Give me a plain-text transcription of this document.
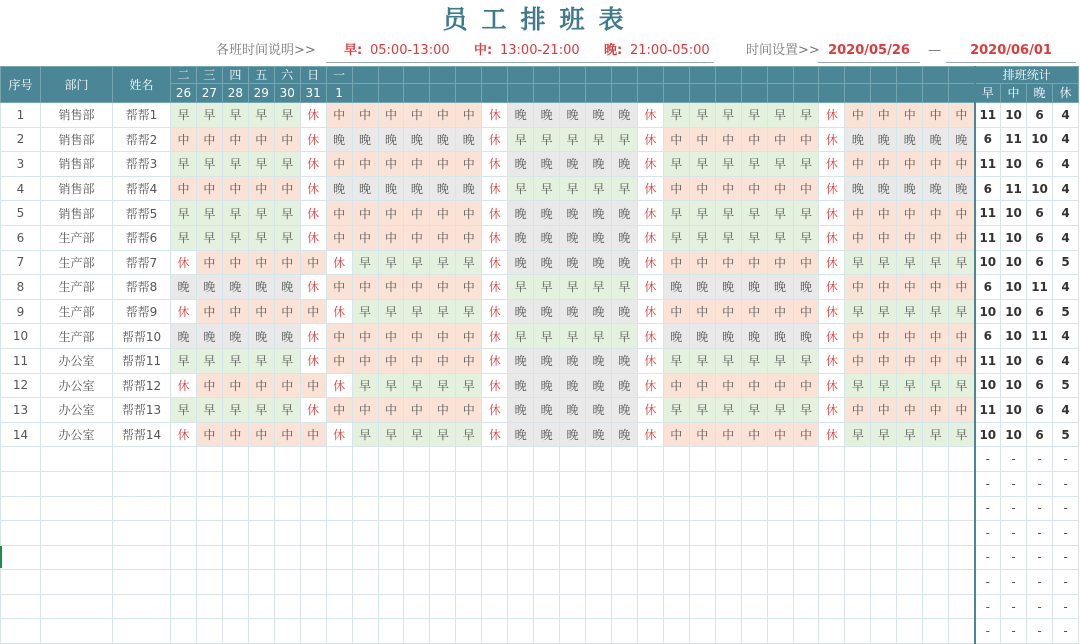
员工排班表
各班时间说明>> 早: 05:00-13:00 中: 13:00-21:00 晚: 21:00-05:00	时间设置>> 2020/05/26	—	2020/06/01
序号	部门	姓名	二	三	四	五	六	日	一																									排班统计			
			26	27	28	29	30	31	1																									早	中	晚	休
1	销售部	帮帮1	早	早	早	早	早	休	中	中	中	中	中	中	休	晚	晚	晚	晚	晚	休	早	早	早	早	早	早	休	中	中	中	中	中	11	10	6	4
2	销售部	帮帮2	中	中	中	中	中	休	晚	晚	晚	晚	晚	晚	休	早	早	早	早	早	休	中	中	中	中	中	中	休	晚	晚	晚	晚	晚	6	11	10	4
3	销售部	帮帮3	早	早	早	早	早	休	中	中	中	中	中	中	休	晚	晚	晚	晚	晚	休	早	早	早	早	早	早	休	中	中	中	中	中	11	10	6	4
4	销售部	帮帮4	中	中	中	中	中	休	晚	晚	晚	晚	晚	晚	休	早	早	早	早	早	休	中	中	中	中	中	中	休	晚	晚	晚	晚	晚	6	11	10	4
5	销售部	帮帮5	早	早	早	早	早	休	中	中	中	中	中	中	休	晚	晚	晚	晚	晚	休	早	早	早	早	早	早	休	中	中	中	中	中	11	10	6	4
6	生产部	帮帮6	早	早	早	早	早	休	中	中	中	中	中	中	休	晚	晚	晚	晚	晚	休	早	早	早	早	早	早	休	中	中	中	中	中	11	10	6	4
7	生产部	帮帮7	休	中	中	中	中	中	休	早	早	早	早	早	休	晚	晚	晚	晚	晚	休	中	中	中	中	中	中	休	早	早	早	早	早	10	10	6	5
8	生产部	帮帮8	晚	晚	晚	晚	晚	休	中	中	中	中	中	中	休	早	早	早	早	早	休	晚	晚	晚	晚	晚	晚	休	中	中	中	中	中	6	10	11	4
9	生产部	帮帮9	休	中	中	中	中	中	休	早	早	早	早	早	休	晚	晚	晚	晚	晚	休	中	中	中	中	中	中	休	早	早	早	早	早	10	10	6	5
10	生产部	帮帮10	晚	晚	晚	晚	晚	休	中	中	中	中	中	中	休	早	早	早	早	早	休	晚	晚	晚	晚	晚	晚	休	中	中	中	中	中	6	10	11	4
11	办公室	帮帮11	早	早	早	早	早	休	中	中	中	中	中	中	休	晚	晚	晚	晚	晚	休	早	早	早	早	早	早	休	中	中	中	中	中	11	10	6	4
12	办公室	帮帮12	休	中	中	中	中	中	休	早	早	早	早	早	休	晚	晚	晚	晚	晚	休	中	中	中	中	中	中	休	早	早	早	早	早	10	10	6	5
13	办公室	帮帮13	早	早	早	早	早	休	中	中	中	中	中	中	休	晚	晚	晚	晚	晚	休	早	早	早	早	早	早	休	中	中	中	中	中	11	10	6	4
14	办公室	帮帮14	休	中	中	中	中	中	休	早	早	早	早	早	休	晚	晚	晚	晚	晚	休	中	中	中	中	中	中	休	早	早	早	早	早	10	10	6	5
																																		-	-	-	-
																																		-	-	-	-
																																		-	-	-	-
																																		-	-	-	-
																																		-	-	-	-
																																		-	-	-	-
																																		-	-	-	-
																																		-	-	-	-
